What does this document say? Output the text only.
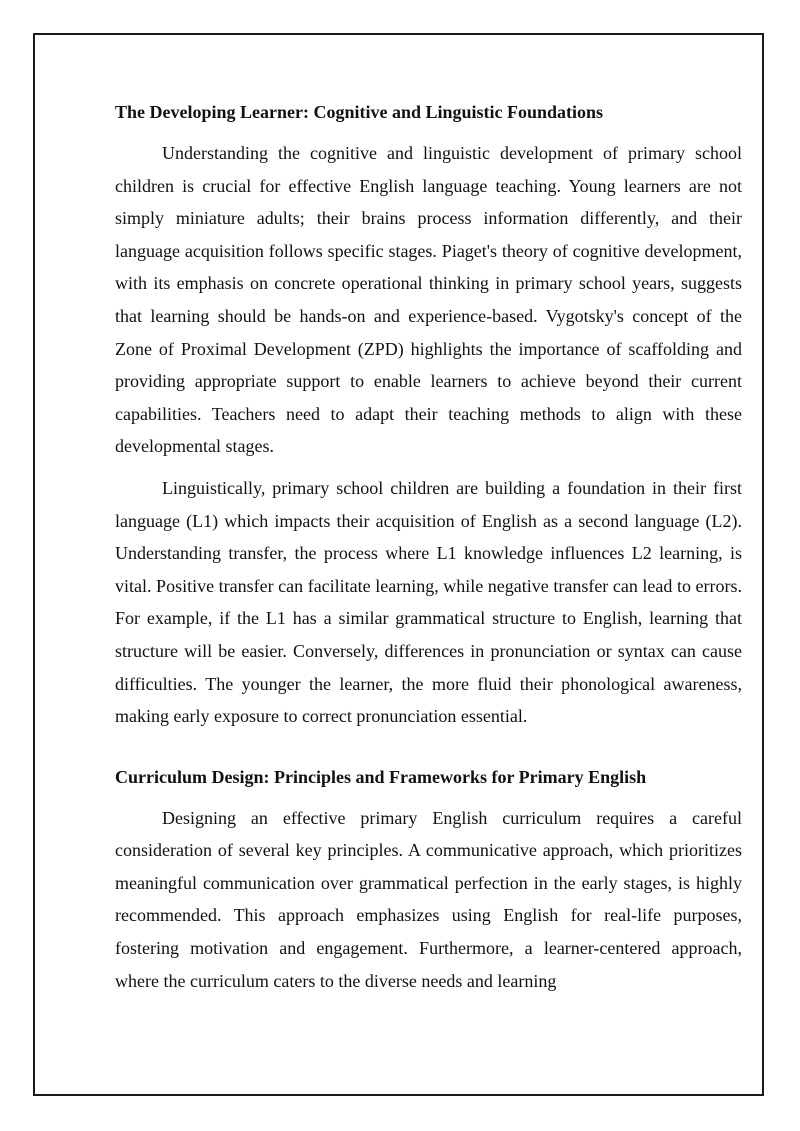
The Developing Learner: Cognitive and Linguistic Foundations

Understanding the cognitive and linguistic development of primary school children is crucial for effective English language teaching. Young learners are not simply miniature adults; their brains process information differently, and their language acquisition follows specific stages. Piaget's theory of cognitive development, with its emphasis on concrete operational thinking in primary school years, suggests that learning should be hands-on and experience-based. Vygotsky's concept of the Zone of Proximal Development (ZPD) highlights the importance of scaffolding and providing appropriate support to enable learners to achieve beyond their current capabilities. Teachers need to adapt their teaching methods to align with these developmental stages.

Linguistically, primary school children are building a foundation in their first language (L1) which impacts their acquisition of English as a second language (L2). Understanding transfer, the process where L1 knowledge influences L2 learning, is vital. Positive transfer can facilitate learning, while negative transfer can lead to errors. For example, if the L1 has a similar grammatical structure to English, learning that structure will be easier. Conversely, differences in pronunciation or syntax can cause difficulties. The younger the learner, the more fluid their phonological awareness, making early exposure to correct pronunciation essential.

Curriculum Design: Principles and Frameworks for Primary English

Designing an effective primary English curriculum requires a careful consideration of several key principles. A communicative approach, which prioritizes meaningful communication over grammatical perfection in the early stages, is highly recommended. This approach emphasizes using English for real-life purposes, fostering motivation and engagement. Furthermore, a learner-centered approach, where the curriculum caters to the diverse needs and learning
